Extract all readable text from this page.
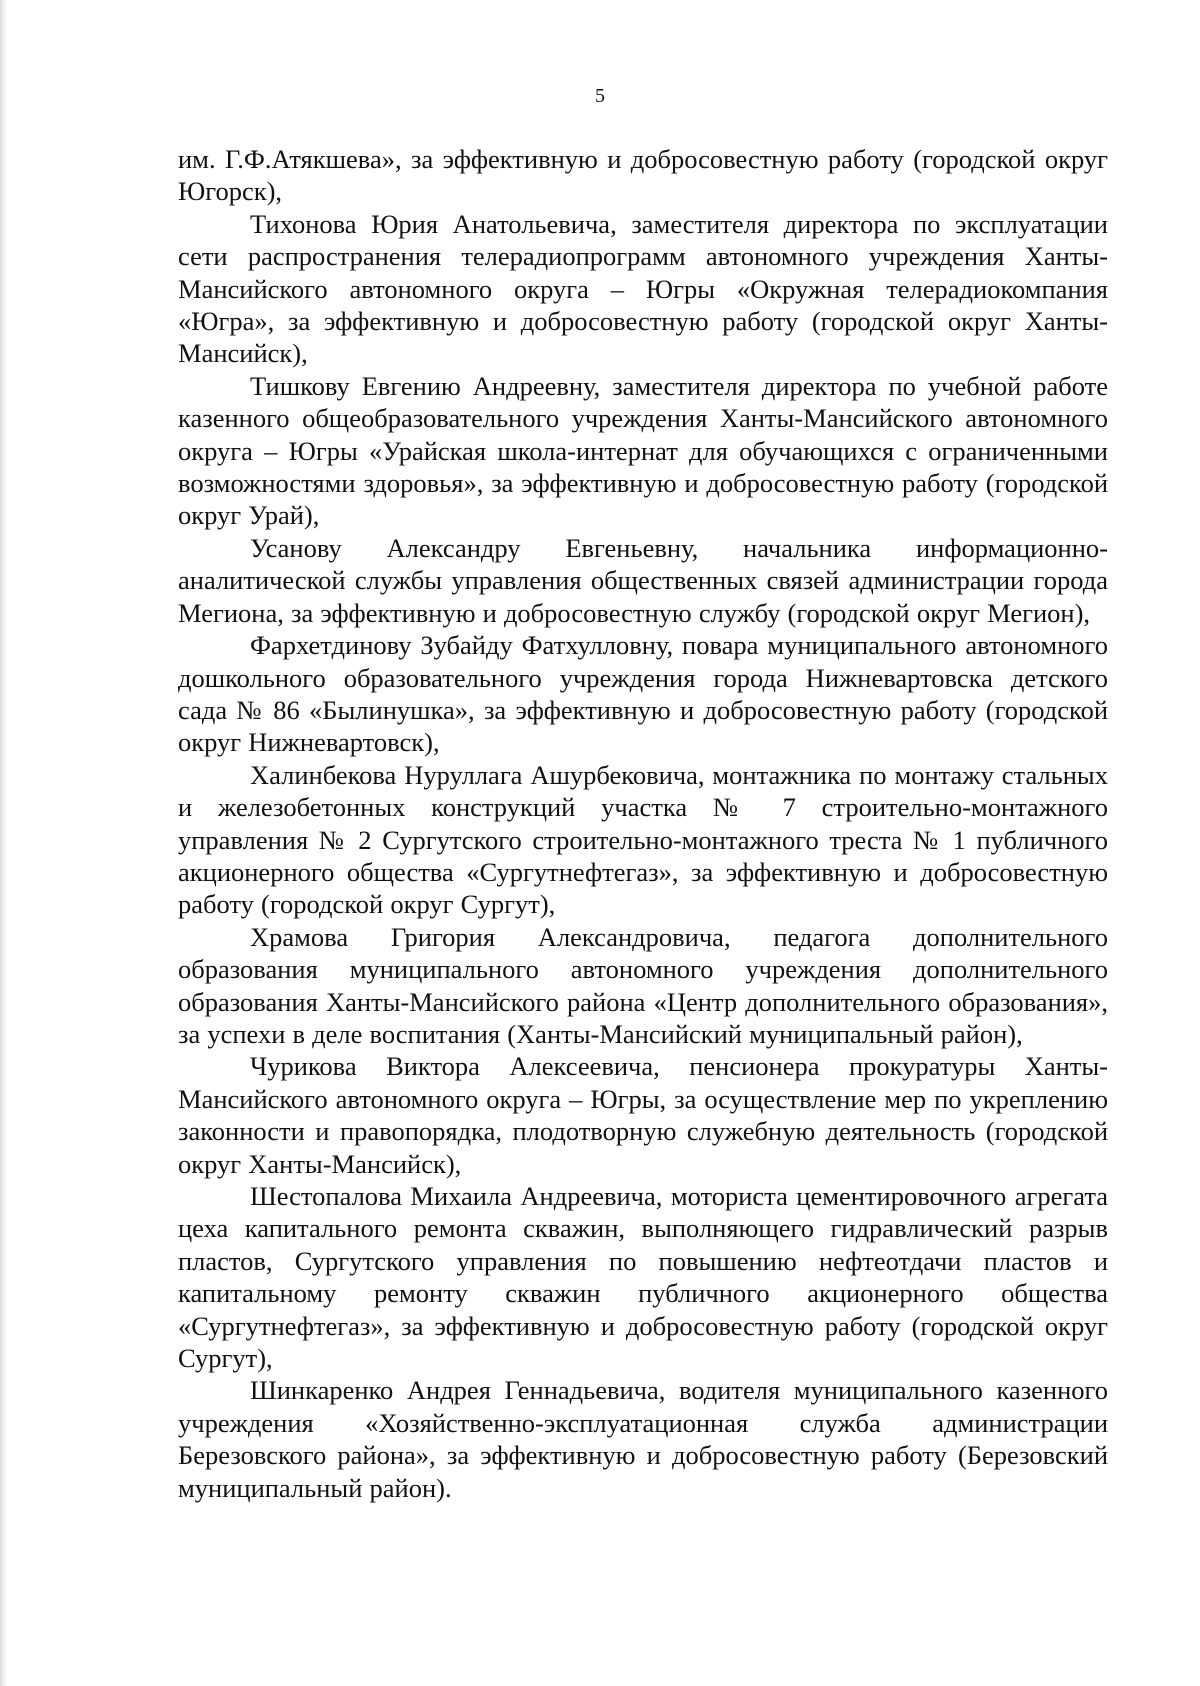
5

им. Г.Ф.Атякшева», за эффективную и добросовестную работу (городской округ Югорск),

Тихонова Юрия Анатольевича, заместителя директора по эксплуатации сети распространения телерадиопрограмм автономного учреждения Ханты-Мансийского автономного округа – Югры «Окружная телерадиокомпания «Югра», за эффективную и добросовестную работу (городской округ Ханты-Мансийск),

Тишкову Евгению Андреевну, заместителя директора по учебной работе казенного общеобразовательного учреждения Ханты-Мансийского автономного округа – Югры «Урайская школа-интернат для обучающихся с ограниченными возможностями здоровья», за эффективную и добросовестную работу (городской округ Урай),

Усанову Александру Евгеньевну, начальника информационно-аналитической службы управления общественных связей администрации города Мегиона, за эффективную и добросовестную службу (городской округ Мегион),

Фархетдинову Зубайду Фатхулловну, повара муниципального автономного дошкольного образовательного учреждения города Нижневартовска детского сада № 86 «Былинушка», за эффективную и добросовестную работу (городской округ Нижневартовск),

Халинбекова Нуруллага Ашурбековича, монтажника по монтажу стальных и железобетонных конструкций участка № 7 строительно-монтажного управления № 2 Сургутского строительно-монтажного треста № 1 публичного акционерного общества «Сургутнефтегаз», за эффективную и добросовестную работу (городской округ Сургут),

Храмова Григория Александровича, педагога дополнительного образования муниципального автономного учреждения дополнительного образования Ханты-Мансийского района «Центр дополнительного образования», за успехи в деле воспитания (Ханты-Мансийский муниципальный район),

Чурикова Виктора Алексеевича, пенсионера прокуратуры Ханты-Мансийского автономного округа – Югры, за осуществление мер по укреплению законности и правопорядка, плодотворную служебную деятельность (городской округ Ханты-Мансийск),

Шестопалова Михаила Андреевича, моториста цементировочного агрегата цеха капитального ремонта скважин, выполняющего гидравлический разрыв пластов, Сургутского управления по повышению нефтеотдачи пластов и капитальному ремонту скважин публичного акционерного общества «Сургутнефтегаз», за эффективную и добросовестную работу (городской округ Сургут),

Шинкаренко Андрея Геннадьевича, водителя муниципального казенного учреждения «Хозяйственно-эксплуатационная служба администрации Березовского района», за эффективную и добросовестную работу (Березовский муниципальный район).
